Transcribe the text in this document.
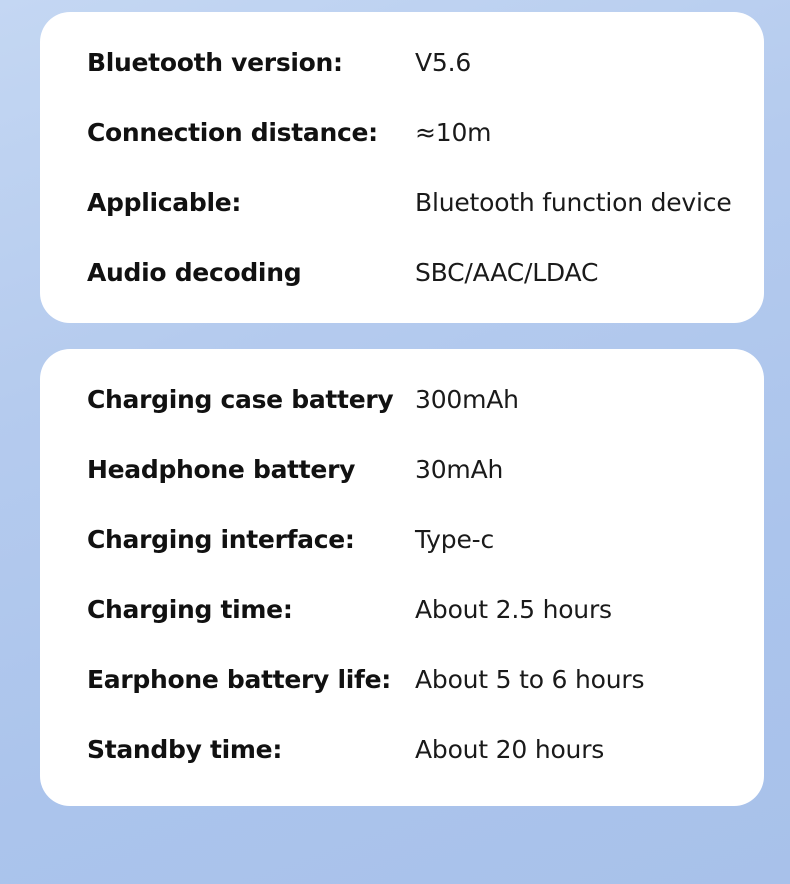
Bluetooth version:	V5.6
Connection distance:	≈10m
Applicable:	Bluetooth function device
Audio decoding	SBC/AAC/LDAC
Charging case battery 300mAh
Headphone battery	30mAh
Charging interface:	Type-c
Charging time:	About 2.5 hours
Earphone battery life: About 5 to 6 hours
Standby time:	About 20 hours
